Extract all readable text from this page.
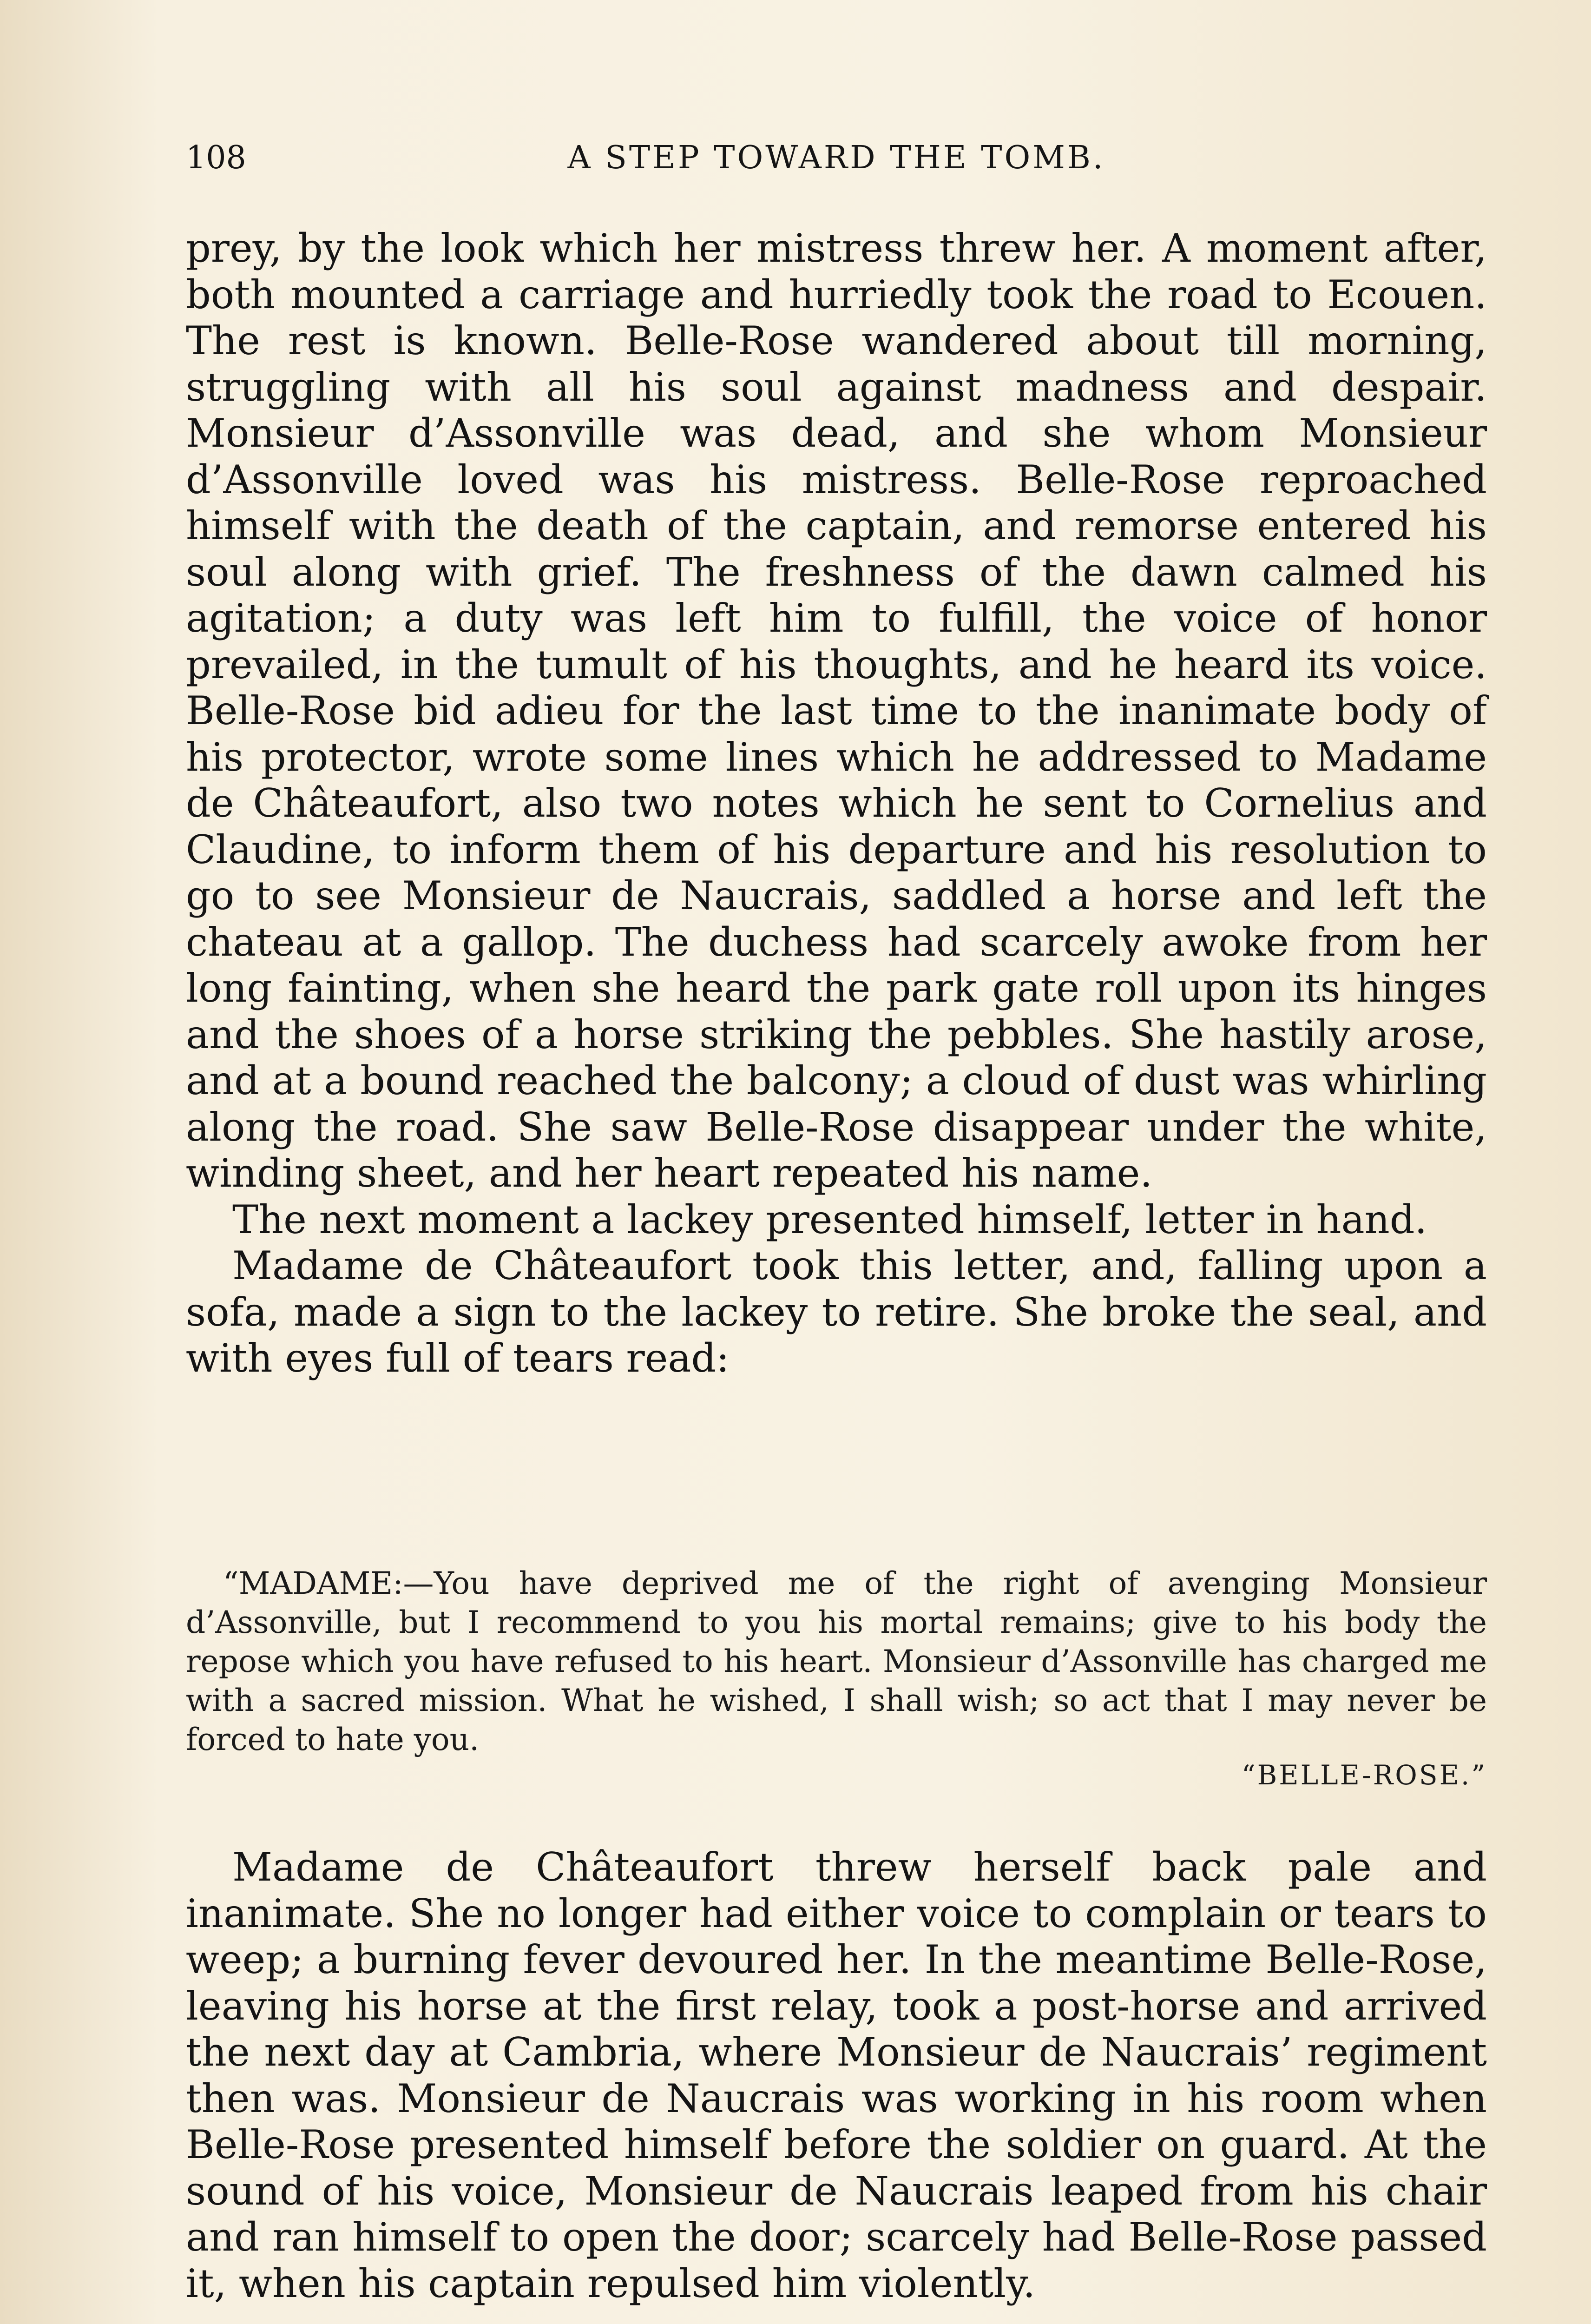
108	A STEP TOWARD THE TOMB.

prey, by the look which her mistress threw her. A moment after, both mounted a carriage and hurriedly took the road to Ecouen. The rest is known. Belle-Rose wandered about till morning, struggling with all his soul against madness and despair. Monsieur d’Assonville was dead, and she whom Monsieur d’Assonville loved was his mistress. Belle-Rose reproached himself with the death of the captain, and remorse entered his soul along with grief. The freshness of the dawn calmed his agitation; a duty was left him to fulfill, the voice of honor prevailed, in the tumult of his thoughts, and he heard its voice. Belle-Rose bid adieu for the last time to the inanimate body of his protector, wrote some lines which he addressed to Madame de Châteaufort, also two notes which he sent to Cornelius and Claudine, to inform them of his departure and his resolution to go to see Monsieur de Naucrais, saddled a horse and left the chateau at a gallop. The duchess had scarcely awoke from her long fainting, when she heard the park gate roll upon its hinges and the shoes of a horse striking the pebbles. She hastily arose, and at a bound reached the balcony; a cloud of dust was whirling along the road. She saw Belle-Rose disappear under the white, winding sheet, and her heart repeated his name.

The next moment a lackey presented himself, letter in hand.

Madame de Châteaufort took this letter, and, falling upon a sofa, made a sign to the lackey to retire. She broke the seal, and with eyes full of tears read:

“MADAME:—You have deprived me of the right of avenging Monsieur d’Assonville, but I recommend to you his mortal remains; give to his body the repose which you have refused to his heart. Monsieur d’Assonville has charged me with a sacred mission. What he wished, I shall wish; so act that I may never be forced to hate you.
“BELLE-ROSE.”
Madame de Châteaufort threw herself back pale and inanimate. She no longer had either voice to complain or tears to weep; a burning fever devoured her. In the meantime Belle-Rose, leaving his horse at the first relay, took a post-horse and arrived the next day at Cambria, where Monsieur de Naucrais’ regiment then was. Monsieur de Naucrais was working in his room when Belle-Rose presented himself before the soldier on guard. At the sound of his voice, Monsieur de Naucrais leaped from his chair and ran himself to open the door; scarcely had Belle-Rose passed it, when his captain repulsed him violently.
